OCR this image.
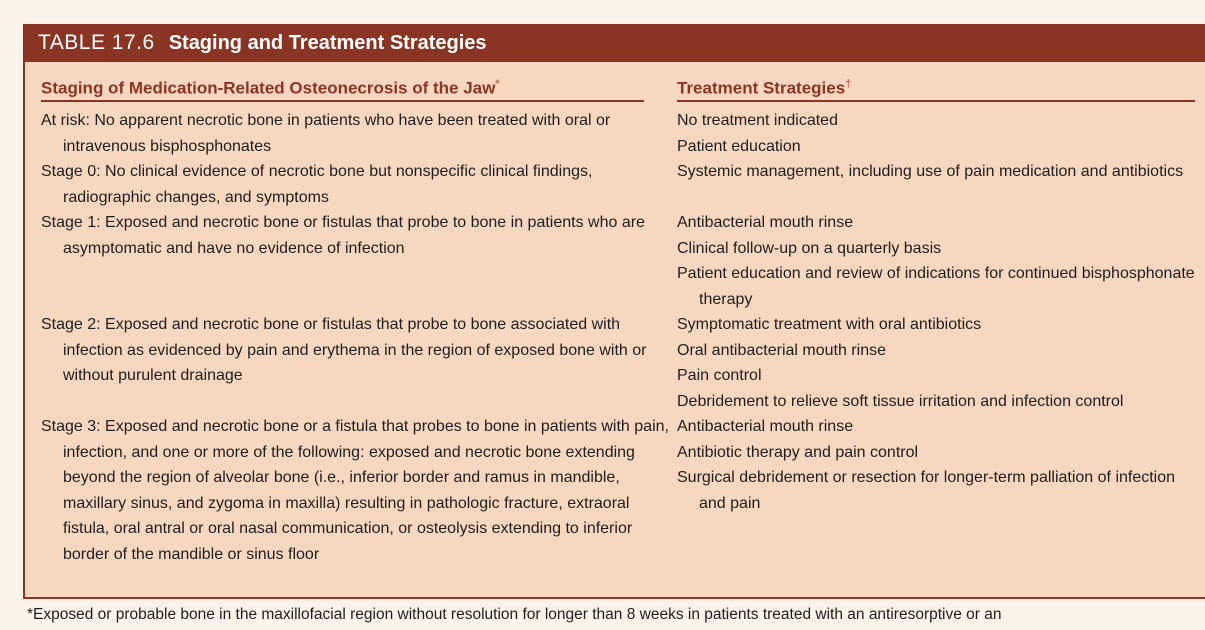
TABLE 17.6 Staging and Treatment Strategies
Staging of Medication-Related Osteonecrosis of the Jaw*	Treatment Strategies†
At risk: No apparent necrotic bone in patients who have been treated with oral or intravenous bisphosphonates
Stage 0: No clinical evidence of necrotic bone but nonspecific clinical findings, radiographic changes, and symptoms
Stage 1: Exposed and necrotic bone or fistulas that probe to bone in patients who are asymptomatic and have no evidence of infection
Stage 2: Exposed and necrotic bone or fistulas that probe to bone associated with infection as evidenced by pain and erythema in the region of exposed bone with or without purulent drainage
Stage 3: Exposed and necrotic bone or a fistula that probes to bone in patients with pain, infection, and one or more of the following: exposed and necrotic bone extending beyond the region of alveolar bone (i.e., inferior border and ramus in mandible, maxillary sinus, and zygoma in maxilla) resulting in pathologic fracture, extraoral fistula, oral antral or oral nasal communication, or osteolysis extending to inferior border of the mandible or sinus floor
No treatment indicated
Patient education
Systemic management, including use of pain medication and antibiotics
Antibacterial mouth rinse
Clinical follow-up on a quarterly basis
Patient education and review of indications for continued bisphosphonate therapy
Symptomatic treatment with oral antibiotics
Oral antibacterial mouth rinse
Pain control
Debridement to relieve soft tissue irritation and infection control
Antibacterial mouth rinse
Antibiotic therapy and pain control
Surgical debridement or resection for longer-term palliation of infection and pain
*Exposed or probable bone in the maxillofacial region without resolution for longer than 8 weeks in patients treated with an antiresorptive or an
